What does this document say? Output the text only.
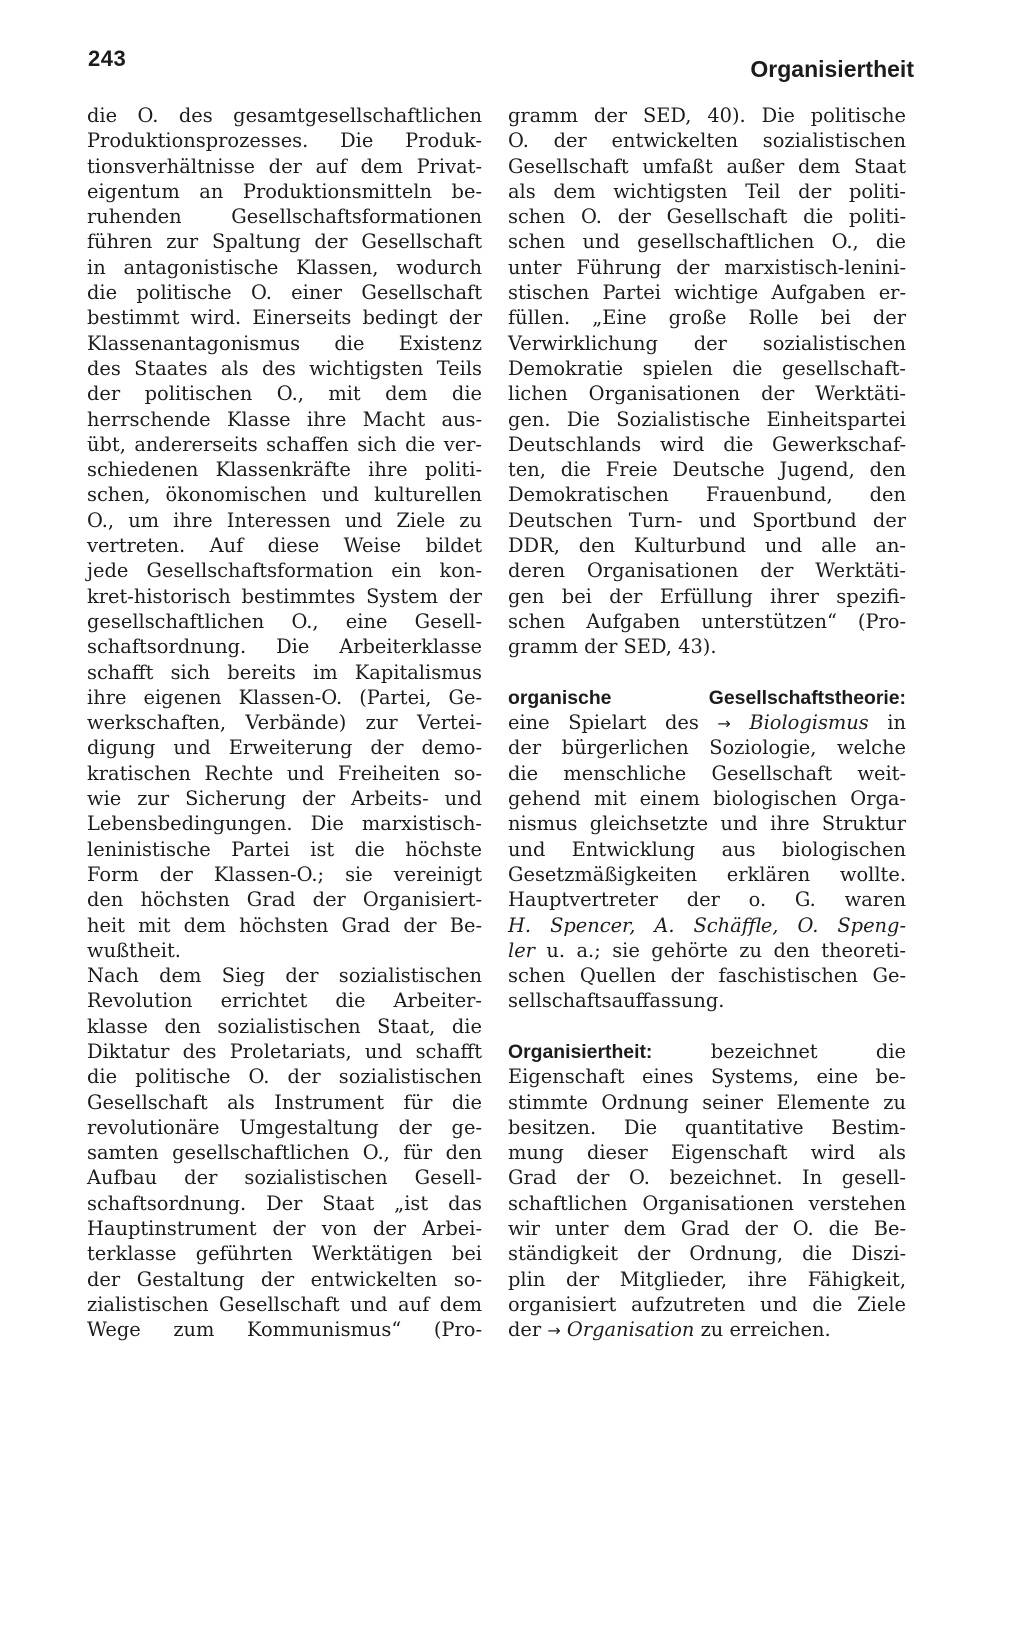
243	Organisiertheit
die O. des gesamtgesellschaftlichen
Produktionsprozesses. Die Produk-
tionsverhältnisse der auf dem Privat-
eigentum an Produktionsmitteln be-
ruhenden Gesellschaftsformationen
führen zur Spaltung der Gesellschaft
in antagonistische Klassen, wodurch
die politische O. einer Gesellschaft
bestimmt wird. Einerseits bedingt der
Klassenantagonismus die Existenz
des Staates als des wichtigsten Teils
der politischen O., mit dem die
herrschende Klasse ihre Macht aus-
übt, andererseits schaffen sich die ver-
schiedenen Klassenkräfte ihre politi-
schen, ökonomischen und kulturellen
O., um ihre Interessen und Ziele zu
vertreten. Auf diese Weise bildet
jede Gesellschaftsformation ein kon-
kret-historisch bestimmtes System der
gesellschaftlichen O., eine Gesell-
schaftsordnung. Die Arbeiterklasse
schafft sich bereits im Kapitalismus
ihre eigenen Klassen-O. (Partei, Ge-
werkschaften, Verbände) zur Vertei-
digung und Erweiterung der demo-
kratischen Rechte und Freiheiten so-
wie zur Sicherung der Arbeits- und
Lebensbedingungen. Die marxistisch-
leninistische Partei ist die höchste
Form der Klassen-O.; sie vereinigt
den höchsten Grad der Organisiert-
heit mit dem höchsten Grad der Be-
wußtheit.
Nach dem Sieg der sozialistischen
Revolution errichtet die Arbeiter-
klasse den sozialistischen Staat, die
Diktatur des Proletariats, und schafft
die politische O. der sozialistischen
Gesellschaft als Instrument für die
revolutionäre Umgestaltung der ge-
samten gesellschaftlichen O., für den
Aufbau der sozialistischen Gesell-
schaftsordnung. Der Staat „ist das
Hauptinstrument der von der Arbei-
terklasse geführten Werktätigen bei
der Gestaltung der entwickelten so-
zialistischen Gesellschaft und auf dem
Wege zum Kommunismus“ (Pro-
gramm der SED, 40). Die politische
O. der entwickelten sozialistischen
Gesellschaft umfaßt außer dem Staat
als dem wichtigsten Teil der politi-
schen O. der Gesellschaft die politi-
schen und gesellschaftlichen O., die
unter Führung der marxistisch-lenini-
stischen Partei wichtige Aufgaben er-
füllen. „Eine große Rolle bei der
Verwirklichung der sozialistischen
Demokratie spielen die gesellschaft-
lichen Organisationen der Werktäti-
gen. Die Sozialistische Einheitspartei
Deutschlands wird die Gewerkschaf-
ten, die Freie Deutsche Jugend, den
Demokratischen Frauenbund, den
Deutschen Turn- und Sportbund der
DDR, den Kulturbund und alle an-
deren Organisationen der Werktäti-
gen bei der Erfüllung ihrer spezifi-
schen Aufgaben unterstützen“ (Pro-
gramm der SED, 43).
organische Gesellschaftstheorie:
eine Spielart des → Biologismus in
der bürgerlichen Soziologie, welche
die menschliche Gesellschaft weit-
gehend mit einem biologischen Orga-
nismus gleichsetzte und ihre Struktur
und Entwicklung aus biologischen
Gesetzmäßigkeiten erklären wollte.
Hauptvertreter der o. G. waren
H. Spencer, A. Schäffle, O. Speng-
ler u. a.; sie gehörte zu den theoreti-
schen Quellen der faschistischen Ge-
sellschaftsauffassung.
Organisiertheit:	bezeichnet die
Eigenschaft eines Systems, eine be-
stimmte Ordnung seiner Elemente zu
besitzen. Die quantitative Bestim-
mung dieser Eigenschaft wird als
Grad der O. bezeichnet. In gesell-
schaftlichen Organisationen verstehen
wir unter dem Grad der O. die Be-
ständigkeit der Ordnung, die Diszi-
plin der Mitglieder, ihre Fähigkeit,
organisiert aufzutreten und die Ziele
der → Organisation zu erreichen.
